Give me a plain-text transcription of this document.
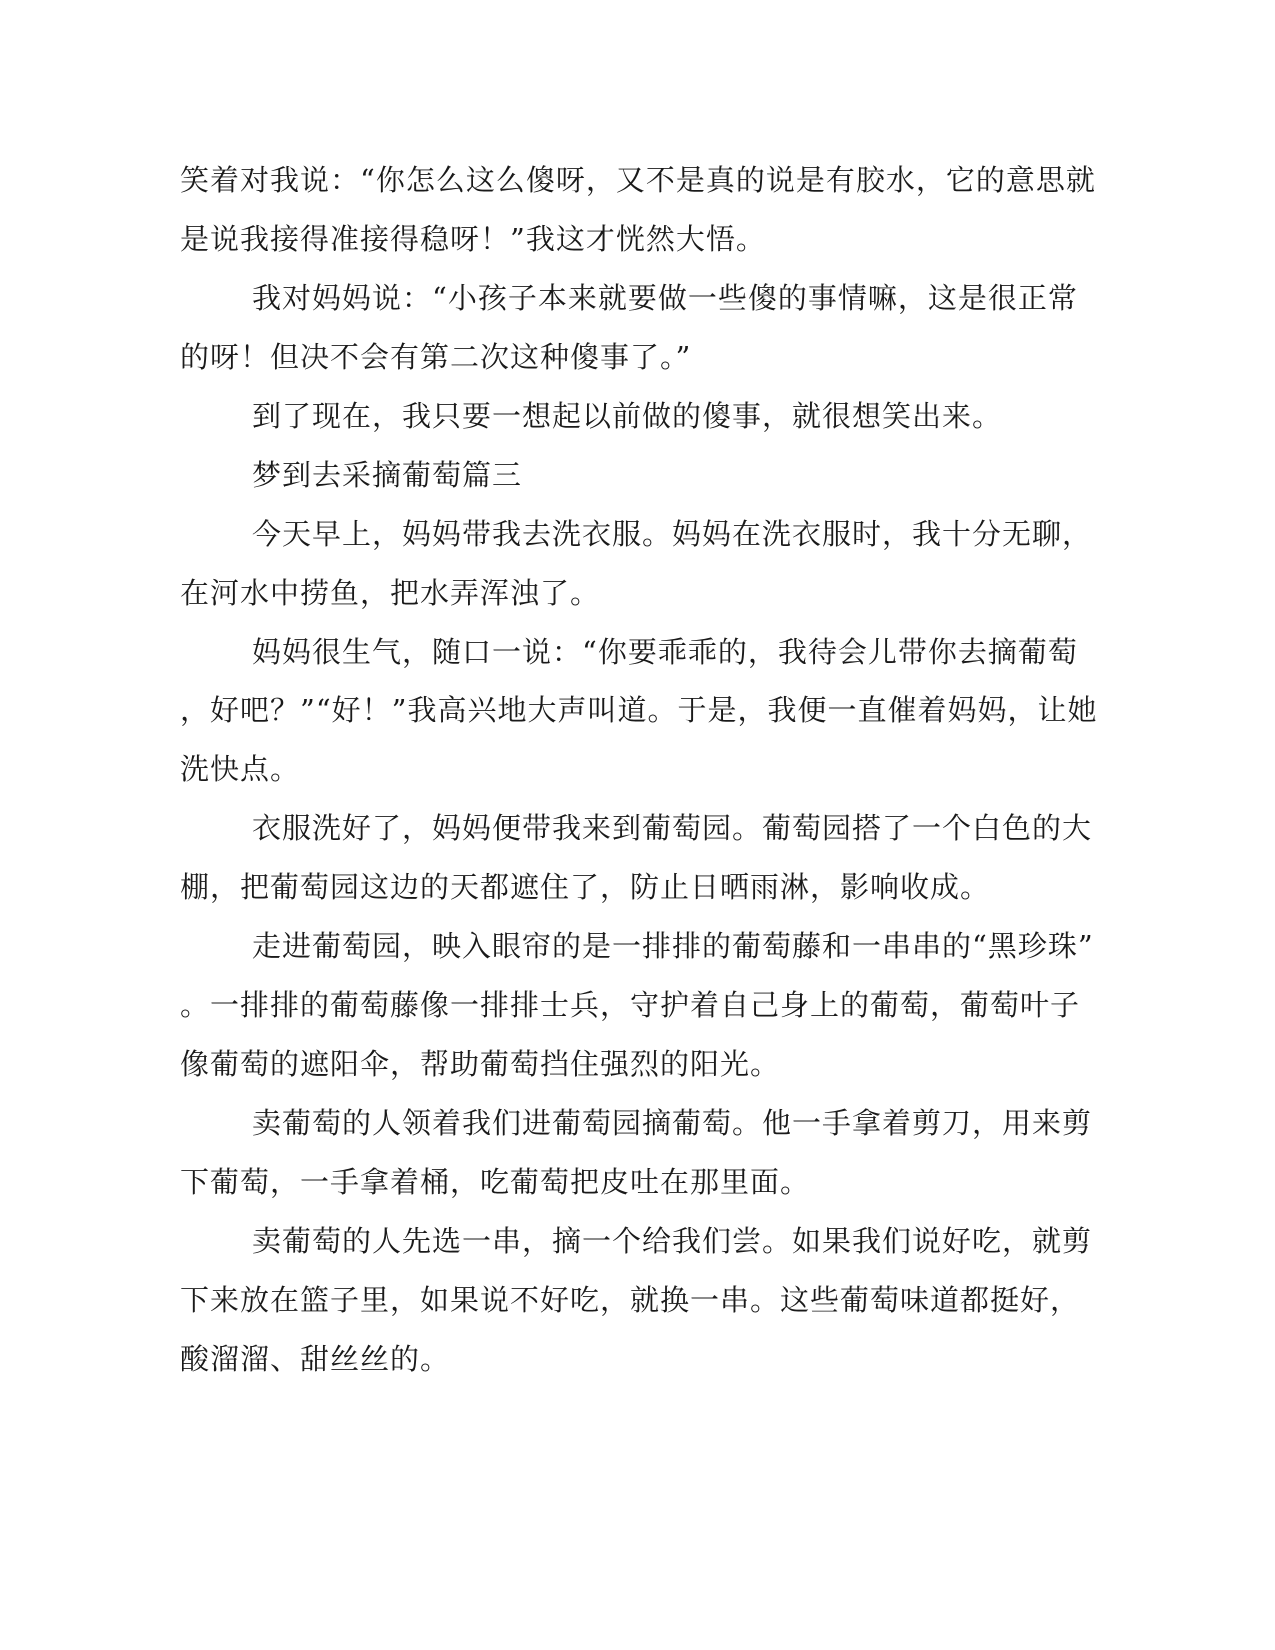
笑着对我说：“你怎么这么傻呀，又不是真的说是有胶水，它的意思就
是说我接得准接得稳呀！”我这才恍然大悟。
我对妈妈说：“小孩子本来就要做一些傻的事情嘛，这是很正常
的呀！但决不会有第二次这种傻事了。”
到了现在，我只要一想起以前做的傻事，就很想笑出来。
梦到去采摘葡萄篇三
今天早上，妈妈带我去洗衣服。妈妈在洗衣服时，我十分无聊，
在河水中捞鱼，把水弄浑浊了。
妈妈很生气，随口一说：“你要乖乖的，我待会儿带你去摘葡萄
，好吧？”“好！”我高兴地大声叫道。于是，我便一直催着妈妈，让她
洗快点。
衣服洗好了，妈妈便带我来到葡萄园。葡萄园搭了一个白色的大
棚，把葡萄园这边的天都遮住了，防止日晒雨淋，影响收成。
走进葡萄园，映入眼帘的是一排排的葡萄藤和一串串的“黑珍珠”
。一排排的葡萄藤像一排排士兵，守护着自己身上的葡萄，葡萄叶子
像葡萄的遮阳伞，帮助葡萄挡住强烈的阳光。
卖葡萄的人领着我们进葡萄园摘葡萄。他一手拿着剪刀，用来剪
下葡萄，一手拿着桶，吃葡萄把皮吐在那里面。
卖葡萄的人先选一串，摘一个给我们尝。如果我们说好吃，就剪
下来放在篮子里，如果说不好吃，就换一串。这些葡萄味道都挺好，
酸溜溜、甜丝丝的。
